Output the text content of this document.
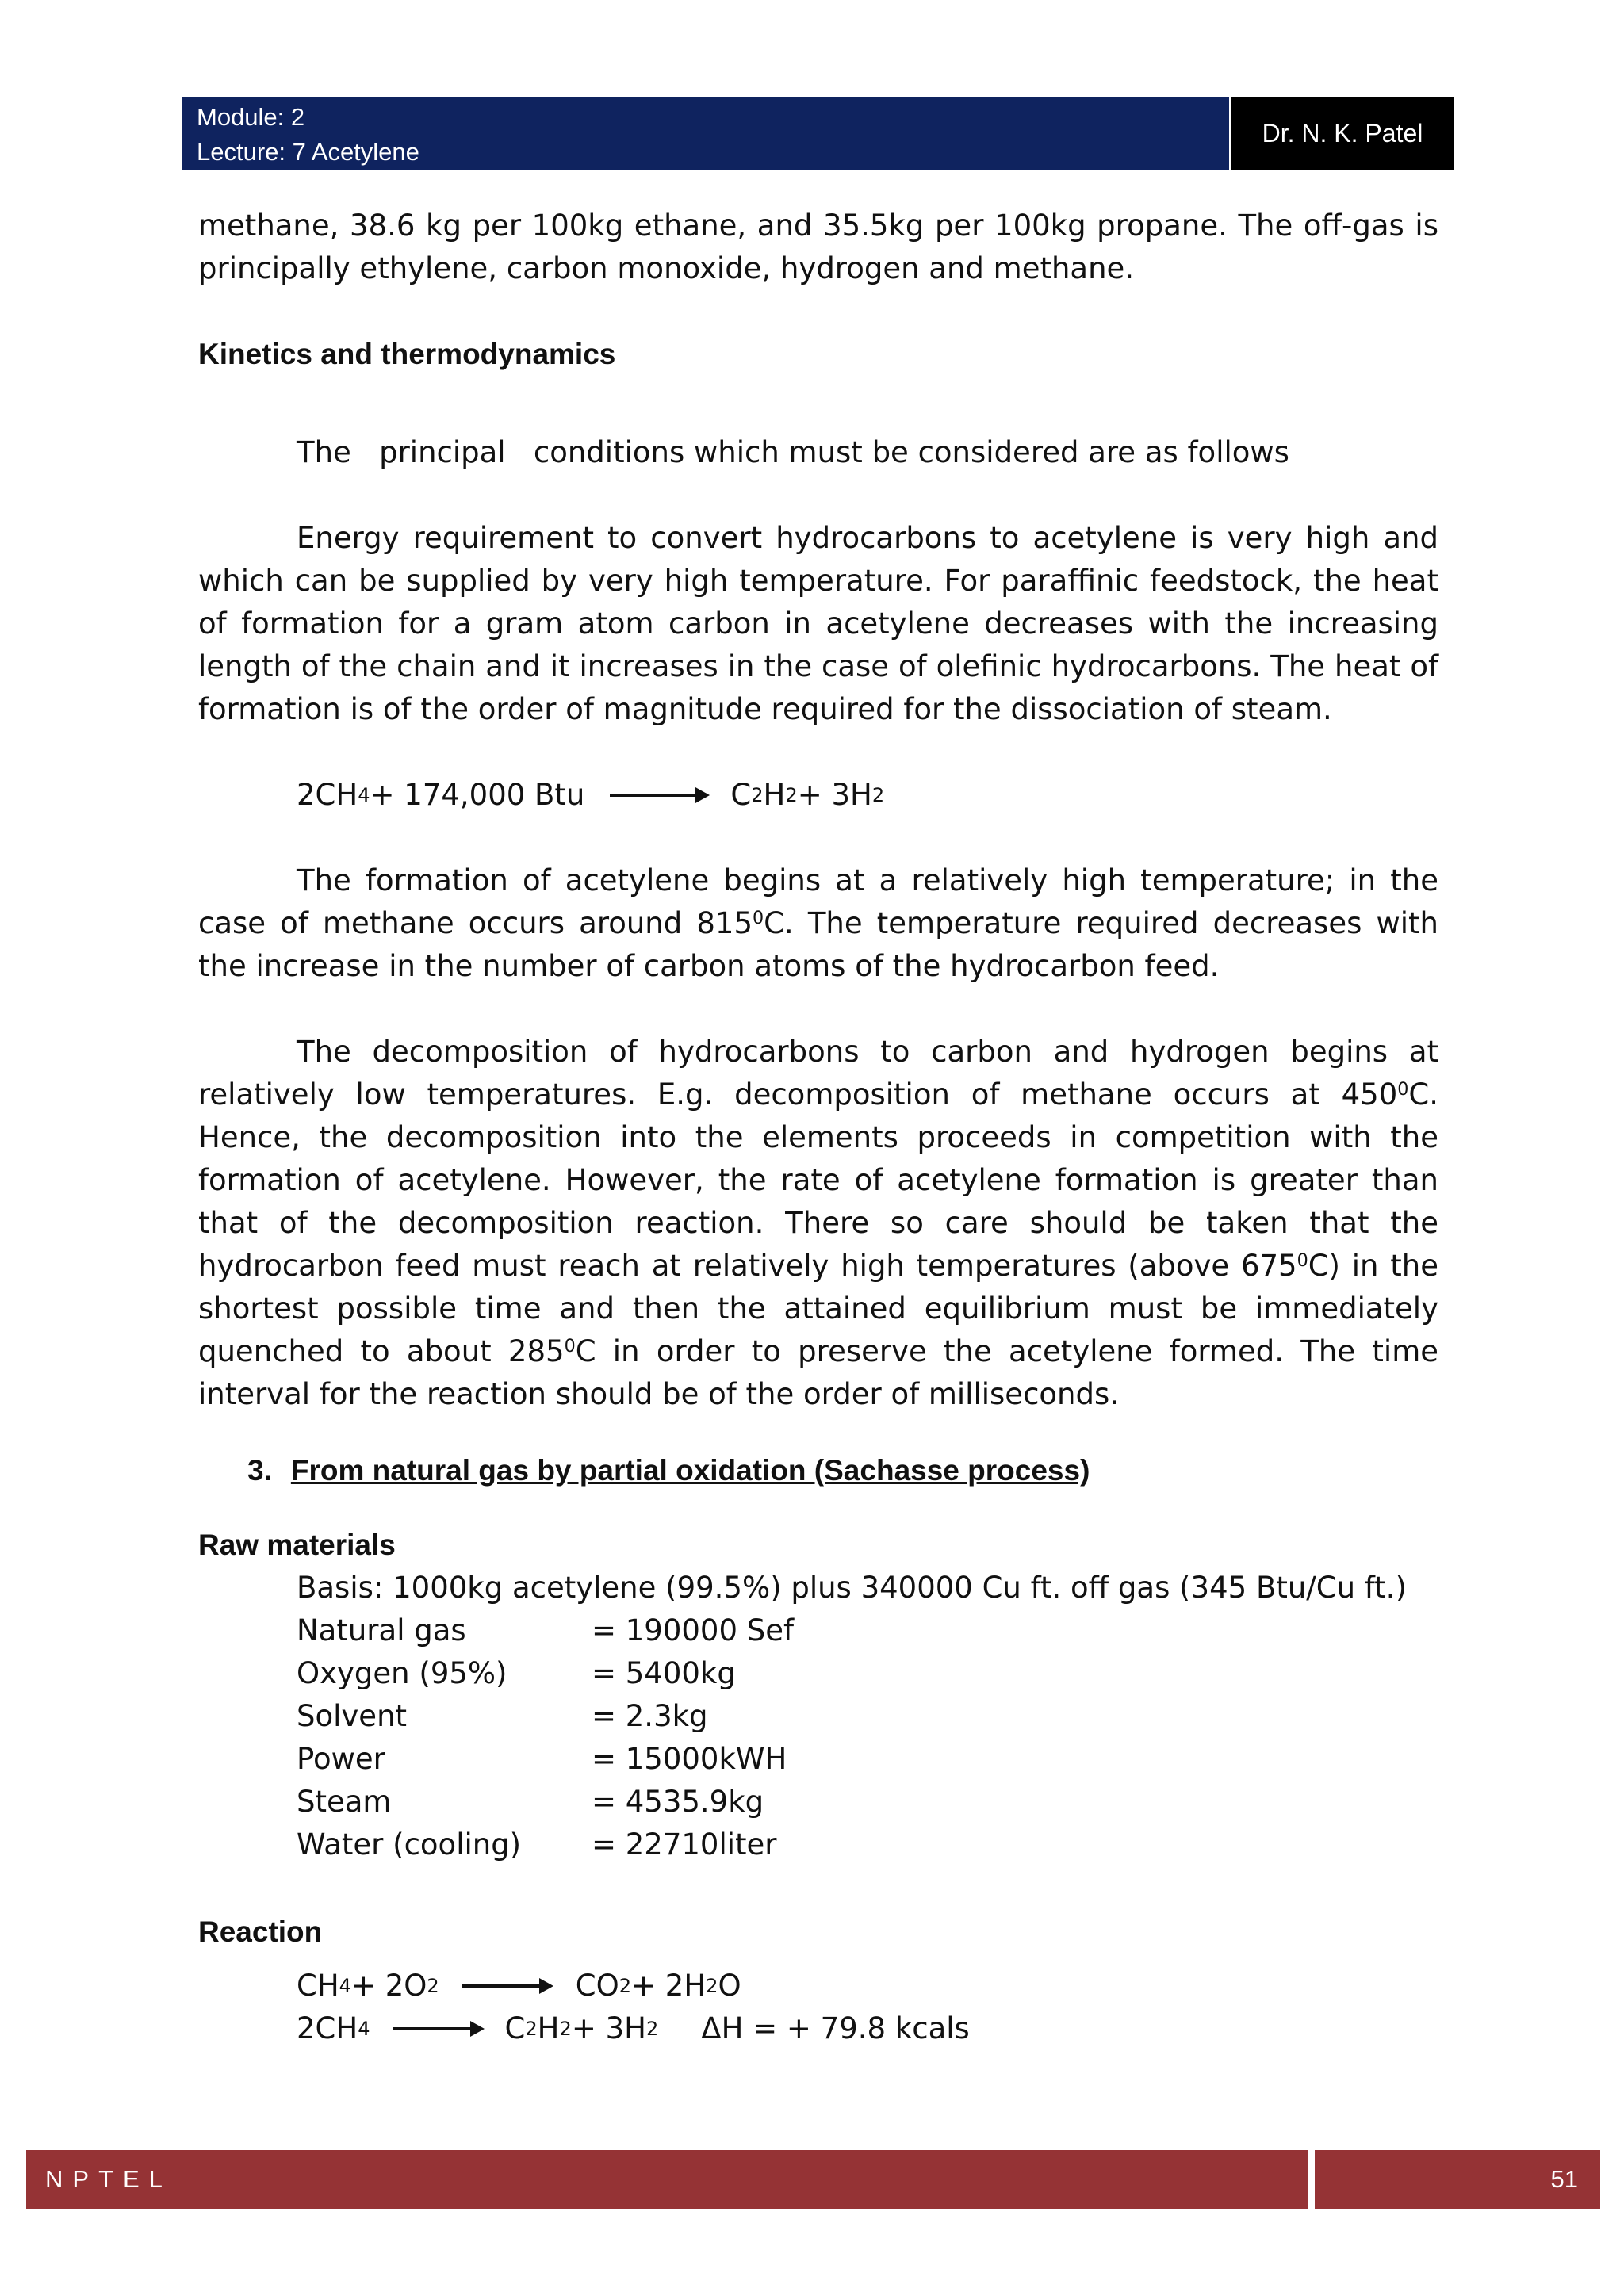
Module: 2
Lecture: 7 Acetylene
Dr. N. K. Patel

methane, 38.6 kg per 100kg ethane, and 35.5kg per 100kg propane. The off-gas is principally ethylene, carbon monoxide, hydrogen and methane.

Kinetics and thermodynamics

The   principal   conditions which must be considered are as follows

Energy requirement to convert hydrocarbons to acetylene is very high and which can be supplied by very high temperature. For paraffinic feedstock, the heat of formation for a gram atom carbon in acetylene decreases with the increasing length of the chain and it increases in the case of olefinic hydrocarbons. The heat of formation is of the order of magnitude required for the dissociation of steam.

2CH 4 + 174,000 Btu → C 2 H 2 + 3H 2

The formation of acetylene begins at a relatively high temperature; in the case of methane occurs around $815^0C$. The temperature required decreases with the increase in the number of carbon atoms of the hydrocarbon feed.

The decomposition of hydrocarbons to carbon and hydrogen begins at relatively low temperatures. E.g. decomposition of methane occurs at $450^0C$. Hence, the decomposition into the elements proceeds in competition with the formation of acetylene. However, the rate of acetylene formation is greater than that of the decomposition reaction. There so care should be taken that the hydrocarbon feed must reach at relatively high temperatures (above $675^0C$) in the shortest possible time and then the attained equilibrium must be immediately quenched to about $285^0C$ in order to preserve the acetylene formed. The time interval for the reaction should be of the order of milliseconds.

3. From natural gas by partial oxidation (Sachasse process)
Raw materials
Basis: 1000kg acetylene (99.5%) plus 340000 Cu ft. off gas (345 Btu/Cu ft.)
Natural gas	= 190000 Sef
Oxygen (95%)	= 5400kg
Solvent	= 2.3kg
Power	= 15000kWH
Steam	= 4535.9kg
Water (cooling)	= 22710liter
Reaction
CH 4 + 2O 2 → CO 2 + 2H 2 O
2CH 4 → C 2 H 2 + 3H 2 ΔH = + 79.8 kcals
NPTEL	51
